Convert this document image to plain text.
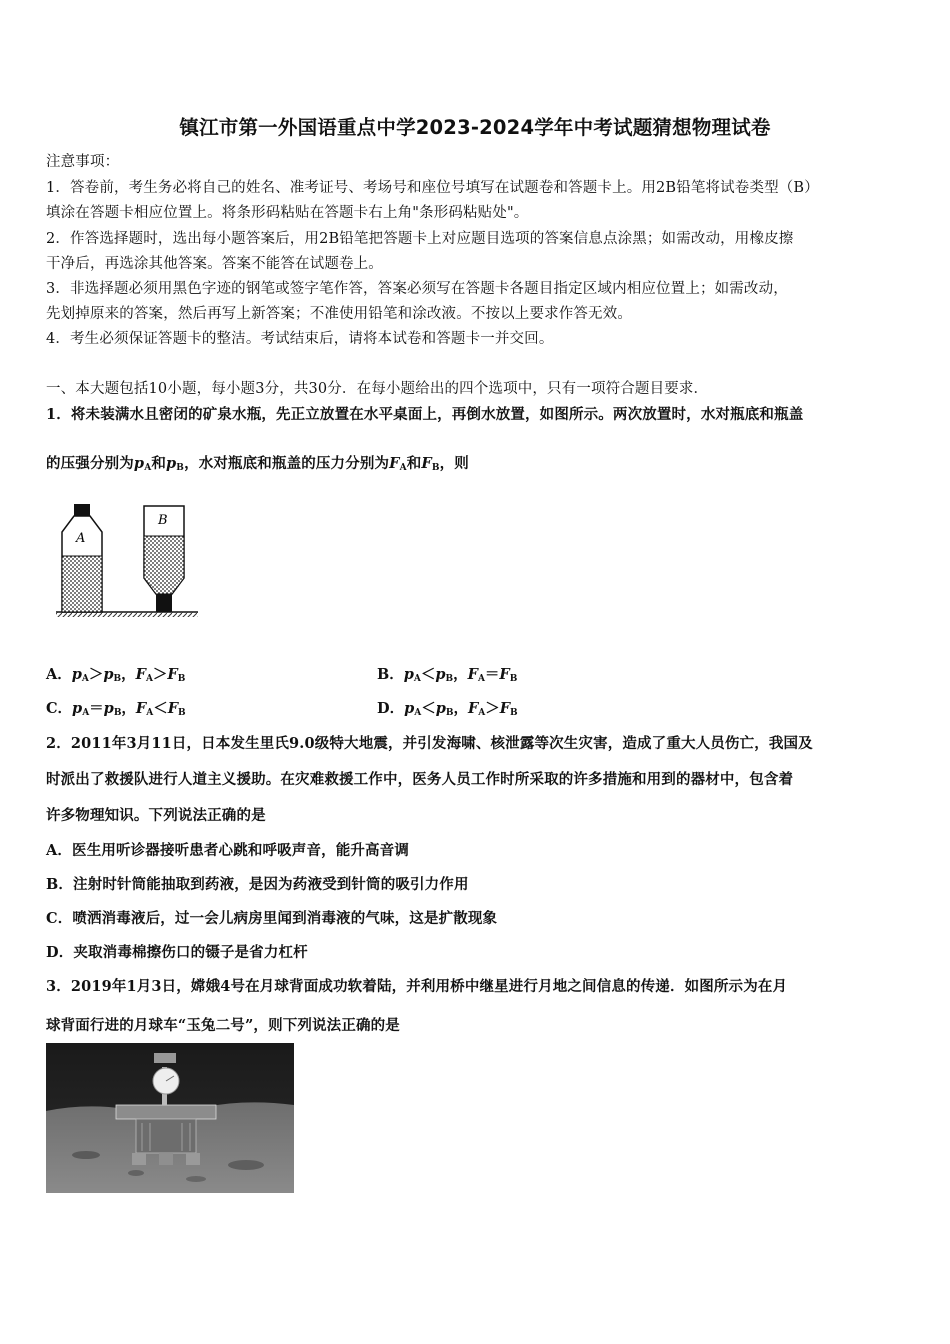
镇江市第一外国语重点中学2023-2024学年中考试题猜想物理试卷
注意事项：
1．答卷前，考生务必将自己的姓名、准考证号、考场号和座位号填写在试题卷和答题卡上。用2B铅笔将试卷类型（B）
填涂在答题卡相应位置上。将条形码粘贴在答题卡右上角"条形码粘贴处"。
2．作答选择题时，选出每小题答案后，用2B铅笔把答题卡上对应题目选项的答案信息点涂黑；如需改动，用橡皮擦
干净后，再选涂其他答案。答案不能答在试题卷上。
3．非选择题必须用黑色字迹的钢笔或签字笔作答，答案必须写在答题卡各题目指定区域内相应位置上；如需改动，
先划掉原来的答案，然后再写上新答案；不准使用铅笔和涂改液。不按以上要求作答无效。
4．考生必须保证答题卡的整洁。考试结束后，请将本试卷和答题卡一并交回。
一、本大题包括10小题，每小题3分，共30分．在每小题给出的四个选项中，只有一项符合题目要求．
1．将未装满水且密闭的矿泉水瓶，先正立放置在水平桌面上，再倒水放置，如图所示。两次放置时，水对瓶底和瓶盖
的压强分别为$p_A$和$p_B$，水对瓶底和瓶盖的压力分别为$F_A$和$F_B$，则
A
B
A．$p_A>p_B$，$F_A>F_B$	B．$p_A<p_B$，$F_A=F_B$
C．$p_A=p_B$，$F_A<F_B$	D．$p_A<p_B$，$F_A>F_B$
2．2011年3月11日，日本发生里氏9.0级特大地震，并引发海啸、核泄露等次生灾害，造成了重大人员伤亡，我国及
时派出了救援队进行人道主义援助。在灾难救援工作中，医务人员工作时所采取的许多措施和用到的器材中，包含着
许多物理知识。下列说法正确的是
A．医生用听诊器接听患者心跳和呼吸声音，能升高音调
B．注射时针筒能抽取到药液，是因为药液受到针筒的吸引力作用
C．喷洒消毒液后，过一会儿病房里闻到消毒液的气味，这是扩散现象
D．夹取消毒棉擦伤口的镊子是省力杠杆
3．2019年1月3日，嫦娥4号在月球背面成功软着陆，并利用桥中继星进行月地之间信息的传递．如图所示为在月
球背面行进的月球车“玉兔二号”，则下列说法正确的是
